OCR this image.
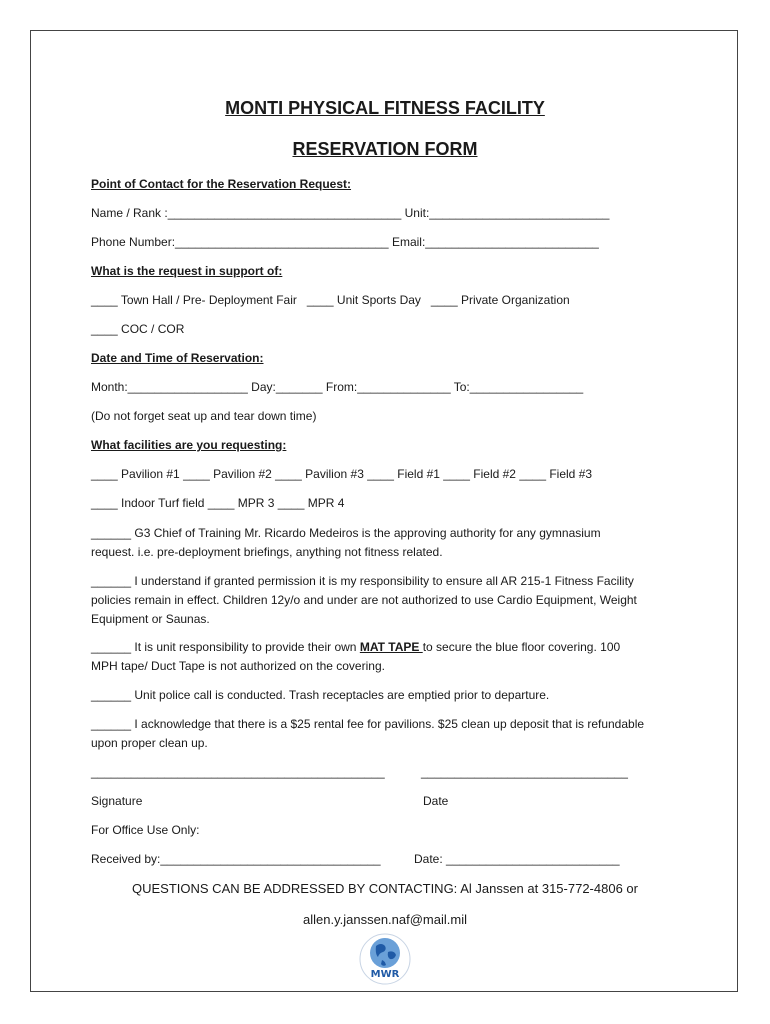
MONTI PHYSICAL FITNESS FACILITY
RESERVATION FORM
Point of Contact for the Reservation Request:
Name / Rank :___________________________________ Unit:___________________________
Phone Number:________________________________ Email:__________________________
What is the request in support of:
____ Town Hall / Pre- Deployment Fair   ____ Unit Sports Day   ____ Private Organization
____ COC / COR
Date and Time of Reservation:
Month:__________________ Day:_______ From:______________ To:_________________
(Do not forget seat up and tear down time)
What facilities are you requesting:
____ Pavilion #1 ____ Pavilion #2 ____ Pavilion #3 ____ Field #1 ____ Field #2 ____ Field #3
____ Indoor Turf field ____ MPR 3 ____ MPR 4
______ G3 Chief of Training Mr. Ricardo Medeiros is the approving authority for any gymnasium
request. i.e. pre-deployment briefings, anything not fitness related.
______ I understand if granted permission it is my responsibility to ensure all AR 215-1 Fitness Facility
policies remain in effect. Children 12y/o and under are not authorized to use Cardio Equipment, Weight
Equipment or Saunas.
______ It is unit responsibility to provide their own MAT TAPE to secure the blue floor covering. 100
MPH tape/ Duct Tape is not authorized on the covering.
______ Unit police call is conducted. Trash receptacles are emptied prior to departure.
______ I acknowledge that there is a $25 rental fee for pavilions. $25 clean up deposit that is refundable
upon proper clean up.
____________________________________________	_______________________________
Signature	Date
For Office Use Only:
Received by:_________________________________	Date: __________________________
QUESTIONS CAN BE ADDRESSED BY CONTACTING: Al Janssen at 315-772-4806 or
allen.y.janssen.naf@mail.mil
MWR
